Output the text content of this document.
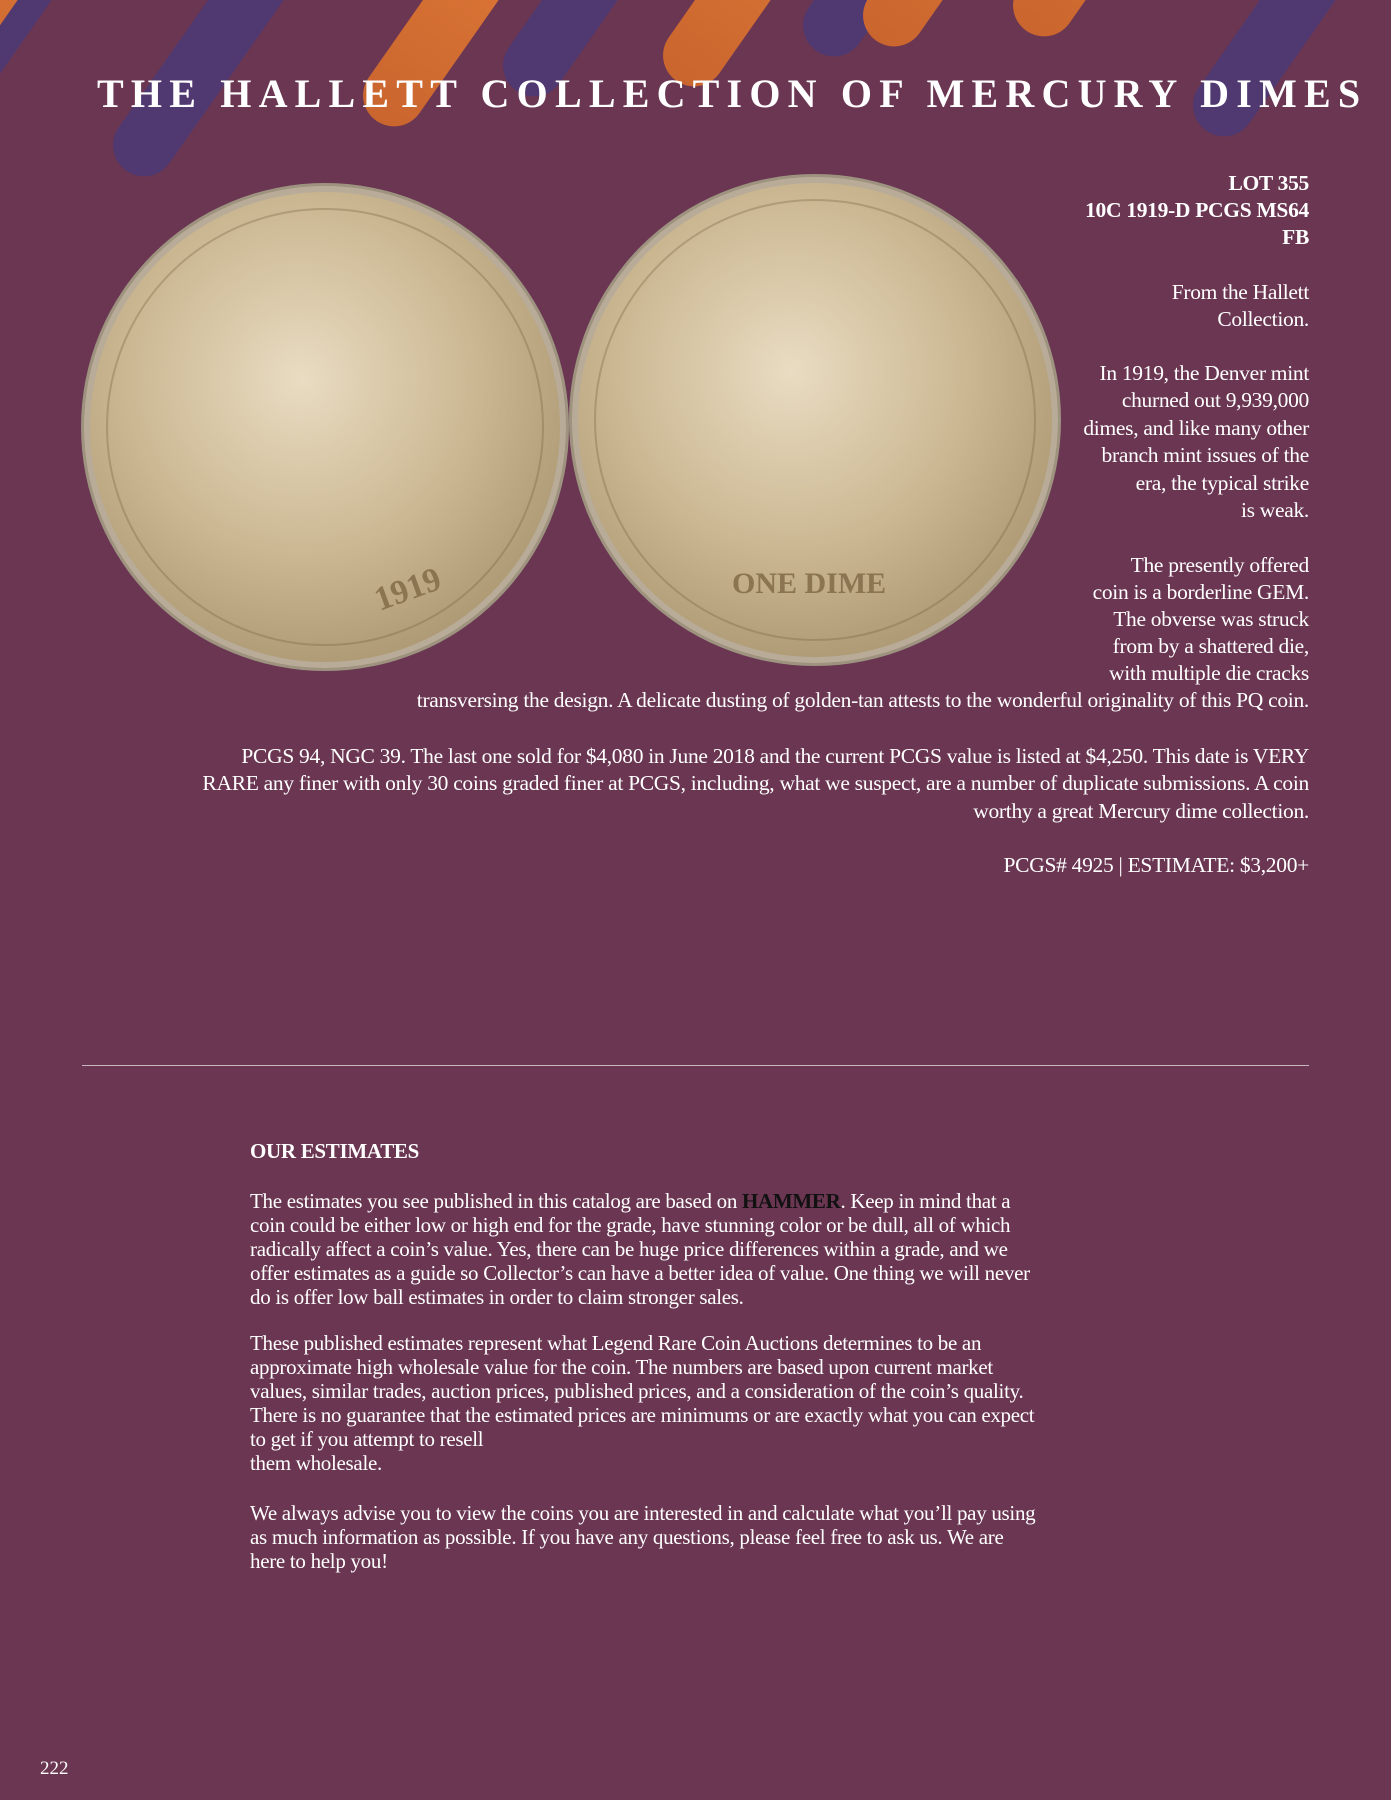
THE HALLETT COLLECTION OF MERCURY DIMES
1919	ONE DIME
LOT 355
10C 1919-D PCGS MS64
FB
From the Hallett
Collection.
In 1919, the Denver mint
churned out 9,939,000
dimes, and like many other
branch mint issues of the
era, the typical strike
is weak.
The presently offered
coin is a borderline GEM.
The obverse was struck
from by a shattered die,
with multiple die cracks
transversing the design. A delicate dusting of golden-tan attests to the wonderful originality of this PQ coin.
PCGS 94, NGC 39. The last one sold for $4,080 in June 2018 and the current PCGS value is listed at $4,250. This date is VERY
RARE any finer with only 30 coins graded finer at PCGS, including, what we suspect, are a number of duplicate submissions. A coin
worthy a great Mercury dime collection.
PCGS# 4925 | ESTIMATE: $3,200+
OUR ESTIMATES
The estimates you see published in this catalog are based on HAMMER. Keep in mind that a
coin could be either low or high end for the grade, have stunning color or be dull, all of which
radically affect a coin’s value. Yes, there can be huge price differences within a grade, and we
offer estimates as a guide so Collector’s can have a better idea of value. One thing we will never
do is offer low ball estimates in order to claim stronger sales.
These published estimates represent what Legend Rare Coin Auctions determines to be an
approximate high wholesale value for the coin. The numbers are based upon current market
values, similar trades, auction prices, published prices, and a consideration of the coin’s quality.
There is no guarantee that the estimated prices are minimums or are exactly what you can expect
to get if you attempt to resell
them wholesale.
We always advise you to view the coins you are interested in and calculate what you’ll pay using
as much information as possible. If you have any questions, please feel free to ask us. We are
here to help you!
222
